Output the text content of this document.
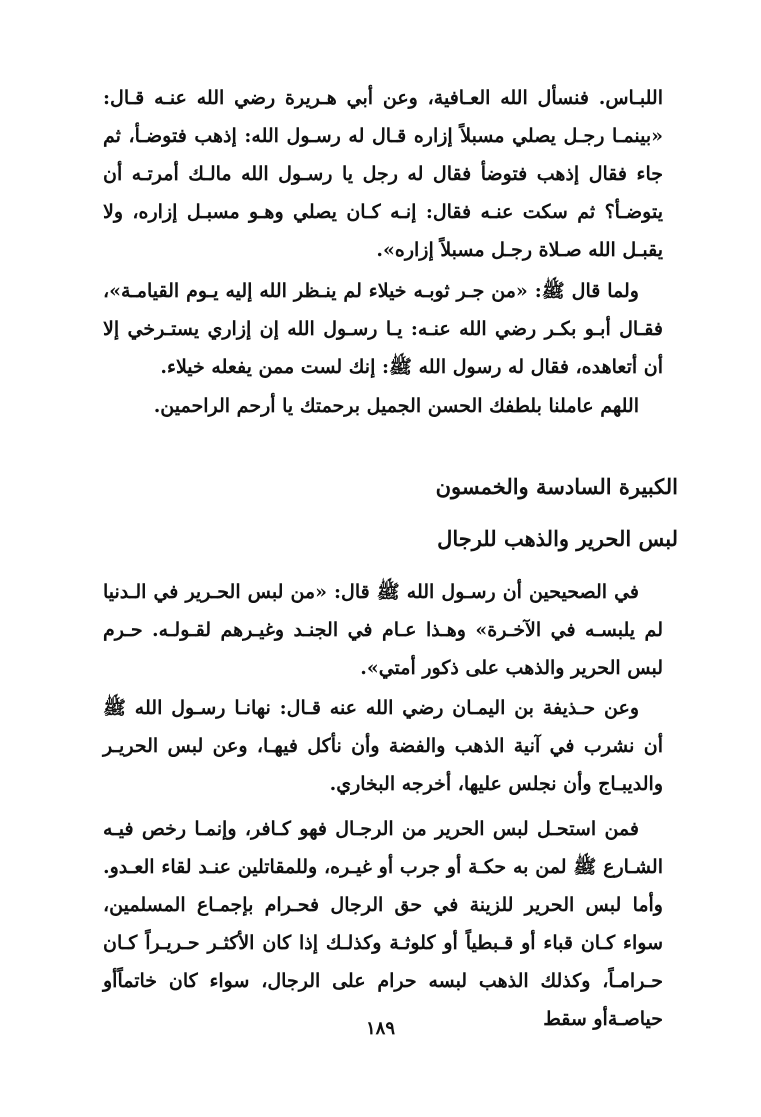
اللبـاس. فنسأل الله العـافية، وعن أبي هـريرة رضي الله عنـه قـال: «بينمـا رجـل يصلي مسبلاً إزاره قـال له رسـول الله: إذهب فتوضـأ، ثم جاء فقال إذهب فتوضأ فقال له رجل يا رسـول الله مالـك أمرتـه أن يتوضـأ؟ ثم سكت عنـه فقال: إنـه كـان يصلي وهـو مسبـل إزاره، ولا يقبـل الله صـلاة رجـل مسبلاً إزاره».

ولما قال ﷺ: «من جـر ثوبـه خيلاء لم ينـظر الله إليه يـوم القيامـة»، فقـال أبـو بكـر رضي الله عنـه: يـا رسـول الله إن إزاري يستـرخي إلا أن أتعاهده، فقال له رسول الله ﷺ: إنك لست ممن يفعله خيلاء.

اللهم عاملنا بلطفك الحسن الجميل برحمتك يا أرحم الراحمين.

الكبيرة السادسة والخمسون
لبس الحرير والذهب للرجال

في الصحيحين أن رسـول الله ﷺ قال: «من لبس الحـرير في الـدنيا لم يلبسـه في الآخـرة» وهـذا عـام في الجنـد وغيـرهم لقـولـه. حـرم لبس الحرير والذهب على ذكور أمتي».

وعن حـذيفة بن اليمـان رضي الله عنه قـال: نهانـا رسـول الله ﷺ أن نشرب في آنية الذهب والفضة وأن نأكل فيهـا، وعن لبس الحريـر والديبـاج وأن نجلس عليها، أخرجه البخاري.

فمن استحـل لبس الحرير من الرجـال فهو كـافر، وإنمـا رخص فيـه الشـارع ﷺ لمن به حكـة أو جرب أو غيـره، وللمقاتلين عنـد لقاء العـدو. وأما لبس الحرير للزينة في حق الرجال فحـرام بإجمـاع المسلمين، سواء كـان قباء أو قـبطياً أو كلوثـة وكذلـك إذا كان الأكثـر حـريـراً كـان حـرامـاً، وكذلك الذهب لبسه حرام على الرجال، سواء كان خاتماًأو حياصـةأو سقط

١٨٩
